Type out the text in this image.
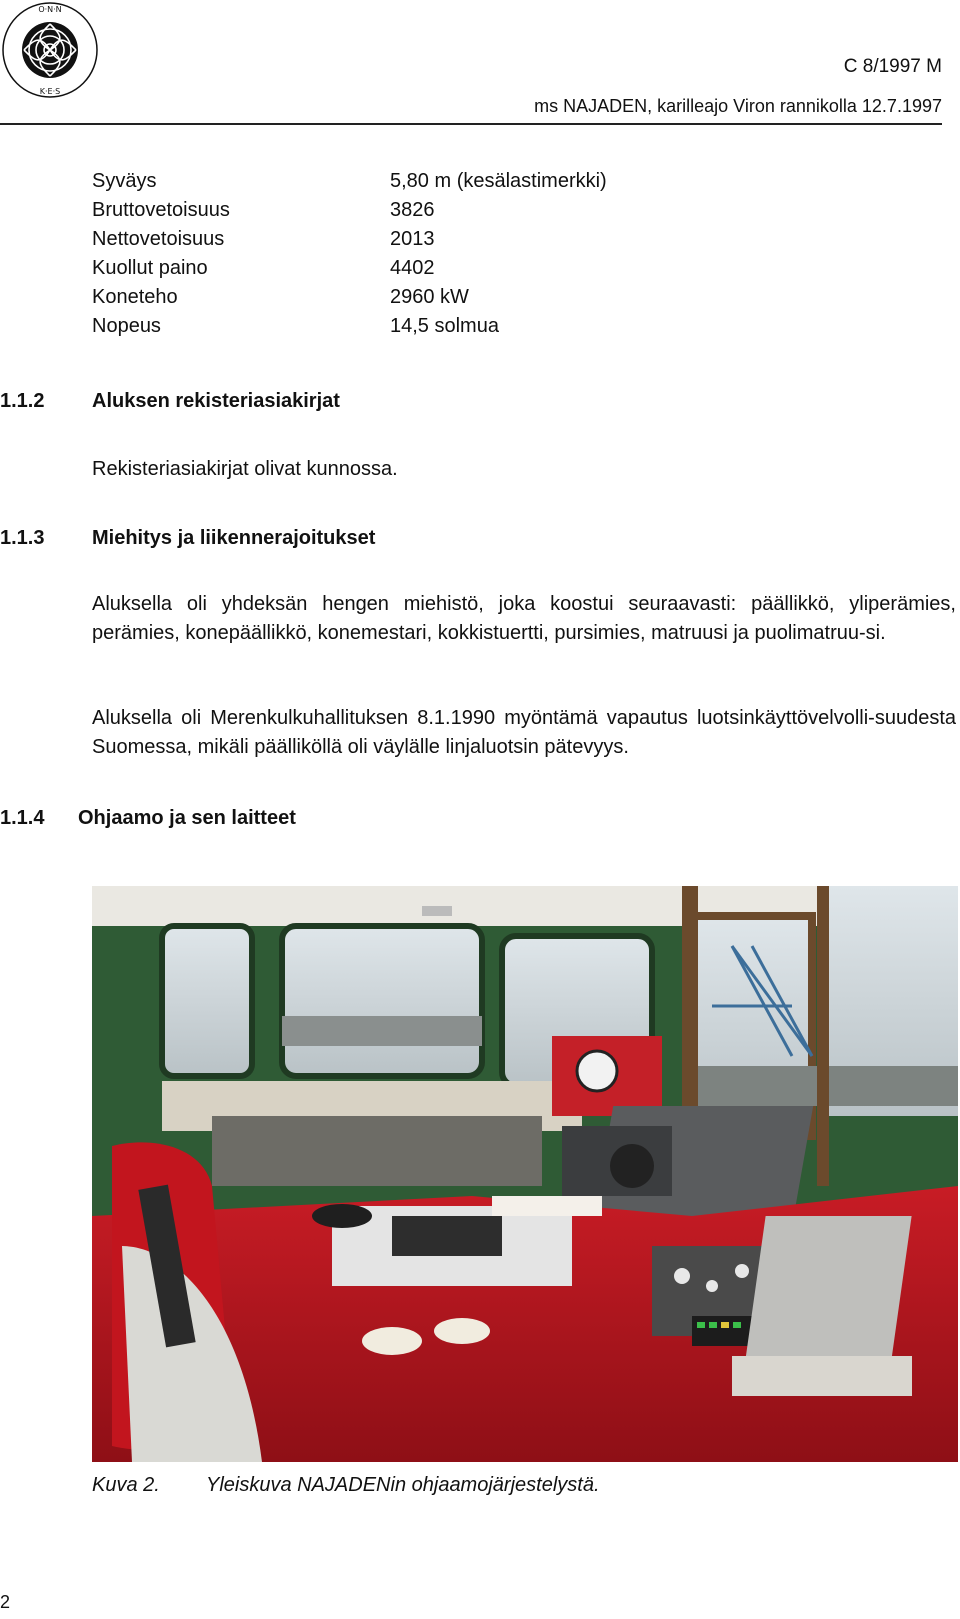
O·N·N
K·E·S
C 8/1997 M
ms NAJADEN, karilleajo Viron rannikolla 12.7.1997
Syväys	5,80 m (kesälastimerkki)
Bruttovetoisuus	3826
Nettovetoisuus	2013
Kuollut paino	4402
Koneteho	2960 kW
Nopeus	14,5 solmua
1.1.2 Aluksen rekisteriasiakirjat
Rekisteriasiakirjat olivat kunnossa.
1.1.3 Miehitys ja liikennerajoitukset
Aluksella oli yhdeksän hengen miehistö, joka koostui seuraavasti: päällikkö, yliperämies, perämies, konepäällikkö, konemestari, kokkistuertti, pursimies, matruusi ja puolimatruu-si.
Aluksella oli Merenkulkuhallituksen 8.1.1990 myöntämä vapautus luotsinkäyttövelvolli-suudesta Suomessa, mikäli päälliköllä oli väylälle linjaluotsin pätevyys.
1.1.4 Ohjaamo ja sen laitteet
Kuva 2. Yleiskuva NAJADENin ohjaamojärjestelystä.
2
